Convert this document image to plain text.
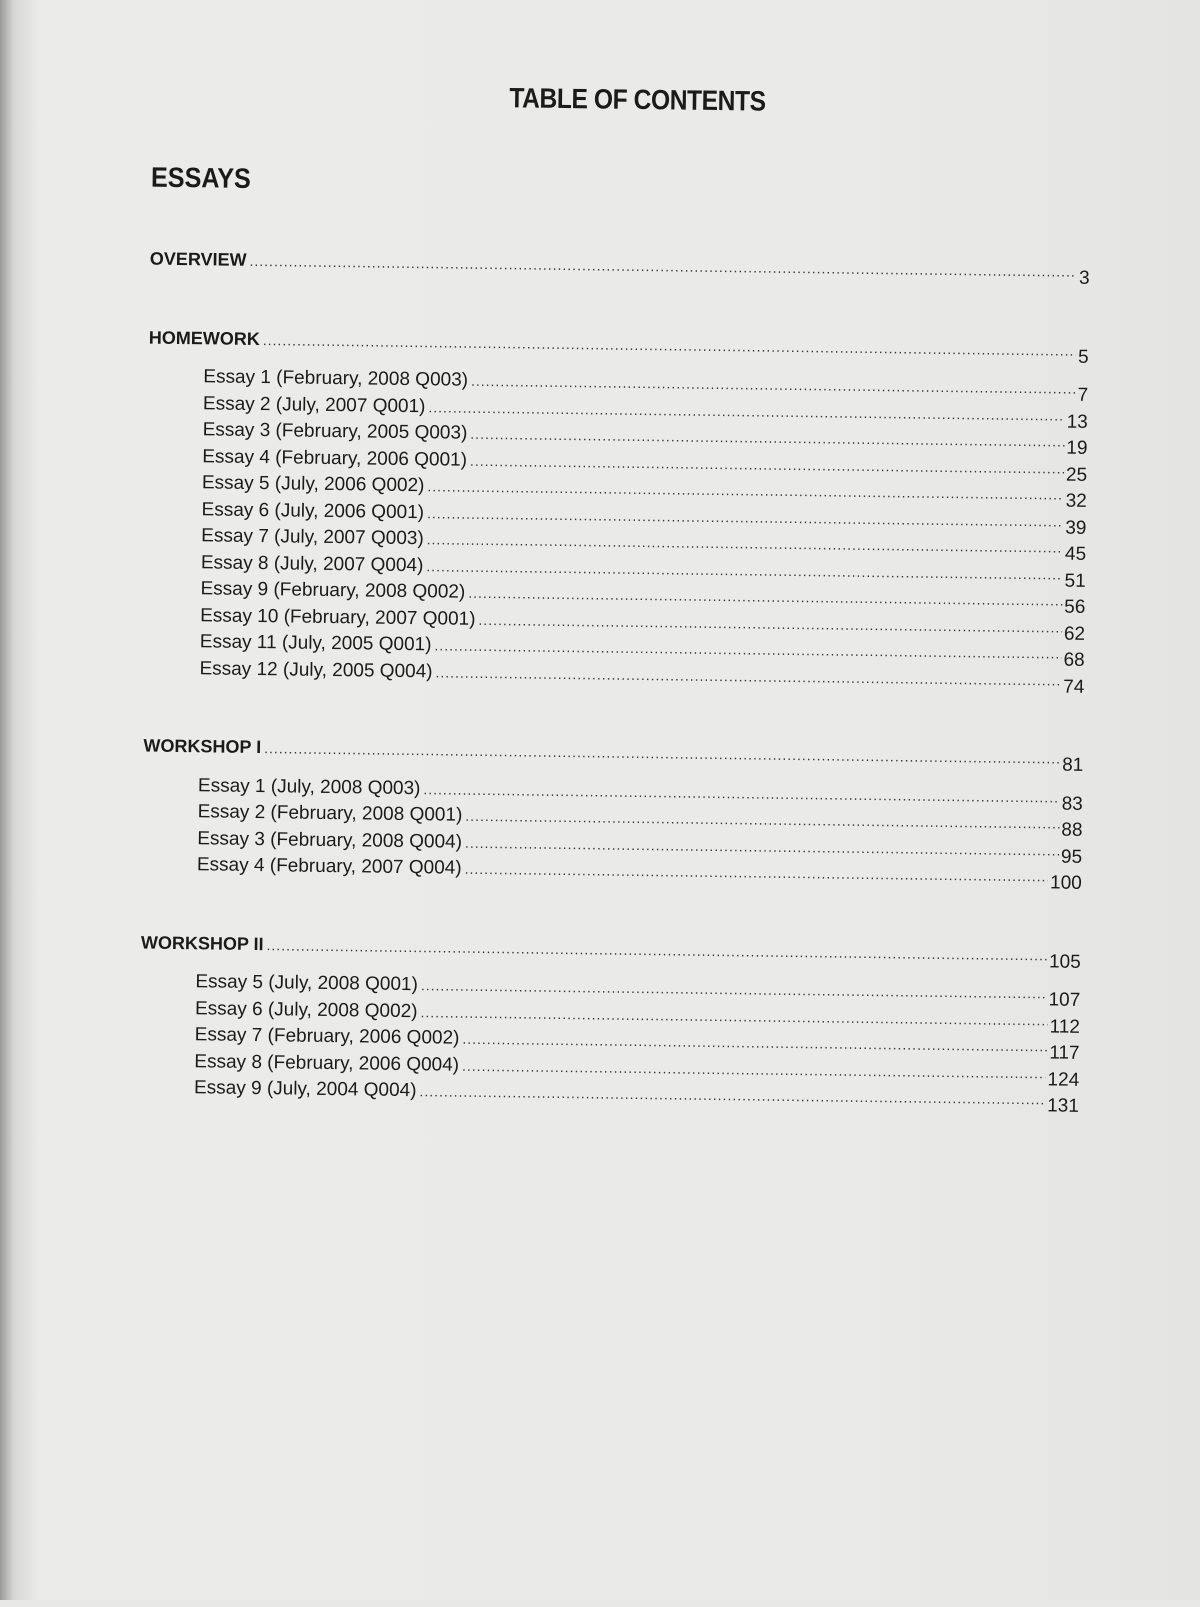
TABLE OF CONTENTS
ESSAYS
OVERVIEW
.....
3
HOMEWORK
.....
5
Essay 1 (February, 2008 Q003)
.....
7
Essay 2 (July, 2007 Q001)
.....
13
Essay 3 (February, 2005 Q003)
.....
19
Essay 4 (February, 2006 Q001)
.....
25
Essay 5 (July, 2006 Q002)
.....
32
Essay 6 (July, 2006 Q001)
.....
39
Essay 7 (July, 2007 Q003)
.....
45
Essay 8 (July, 2007 Q004)
.....
51
Essay 9 (February, 2008 Q002)
.....
56
Essay 10 (February, 2007 Q001)
.....
62
Essay 11 (July, 2005 Q001)
.....
68
Essay 12 (July, 2005 Q004)
.....
74
WORKSHOP I
.....
81
Essay 1 (July, 2008 Q003)
.....
83
Essay 2 (February, 2008 Q001)
.....
88
Essay 3 (February, 2008 Q004)
.....
95
Essay 4 (February, 2007 Q004)
.....
100
WORKSHOP II
.....
105
Essay 5 (July, 2008 Q001)
.....
107
Essay 6 (July, 2008 Q002)
.....
112
Essay 7 (February, 2006 Q002)
.....
117
Essay 8 (February, 2006 Q004)
.....
124
Essay 9 (July, 2004 Q004)
.....
131
